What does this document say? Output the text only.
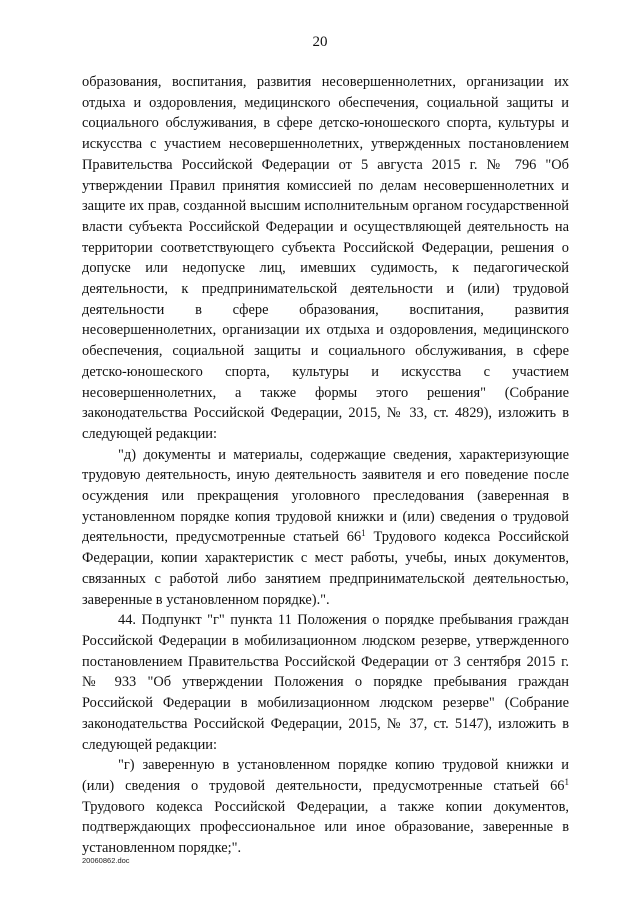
20

образования, воспитания, развития несовершеннолетних, организации их отдыха и оздоровления, медицинского обеспечения, социальной защиты и социального обслуживания, в сфере детско-юношеского спорта, культуры и искусства с участием несовершеннолетних, утвержденных постановлением Правительства Российской Федерации от 5 августа 2015 г. № 796 "Об утверждении Правил принятия комиссией по делам несовершеннолетних и защите их прав, созданной высшим исполнительным органом государственной власти субъекта Российской Федерации и осуществляющей деятельность на территории соответствующего субъекта Российской Федерации, решения о допуске или недопуске лиц, имевших судимость, к педагогической деятельности, к предпринимательской деятельности и (или) трудовой деятельности в сфере образования, воспитания, развития несовершеннолетних, организации их отдыха и оздоровления, медицинского обеспечения, социальной защиты и социального обслуживания, в сфере детско-юношеского спорта, культуры и искусства с участием несовершеннолетних, а также формы этого решения" (Собрание законодательства Российской Федерации, 2015, № 33, ст. 4829), изложить в следующей редакции:

"д) документы и материалы, содержащие сведения, характеризующие трудовую деятельность, иную деятельность заявителя и его поведение после осуждения или прекращения уголовного преследования (заверенная в установленном порядке копия трудовой книжки и (или) сведения о трудовой деятельности, предусмотренные статьей $66^1$ Трудового кодекса Российской Федерации, копии характеристик с мест работы, учебы, иных документов, связанных с работой либо занятием предпринимательской деятельностью, заверенные в установленном порядке).".

44. Подпункт "г" пункта 11 Положения о порядке пребывания граждан Российской Федерации в мобилизационном людском резерве, утвержденного постановлением Правительства Российской Федерации от 3 сентября 2015 г. № 933 "Об утверждении Положения о порядке пребывания граждан Российской Федерации в мобилизационном людском резерве" (Собрание законодательства Российской Федерации, 2015, № 37, ст. 5147), изложить в следующей редакции:

"г) заверенную в установленном порядке копию трудовой книжки и (или) сведения о трудовой деятельности, предусмотренные статьей $66^1$ Трудового кодекса Российской Федерации, а также копии документов, подтверждающих профессиональное или иное образование, заверенные в установленном порядке;".

20060862.doc
